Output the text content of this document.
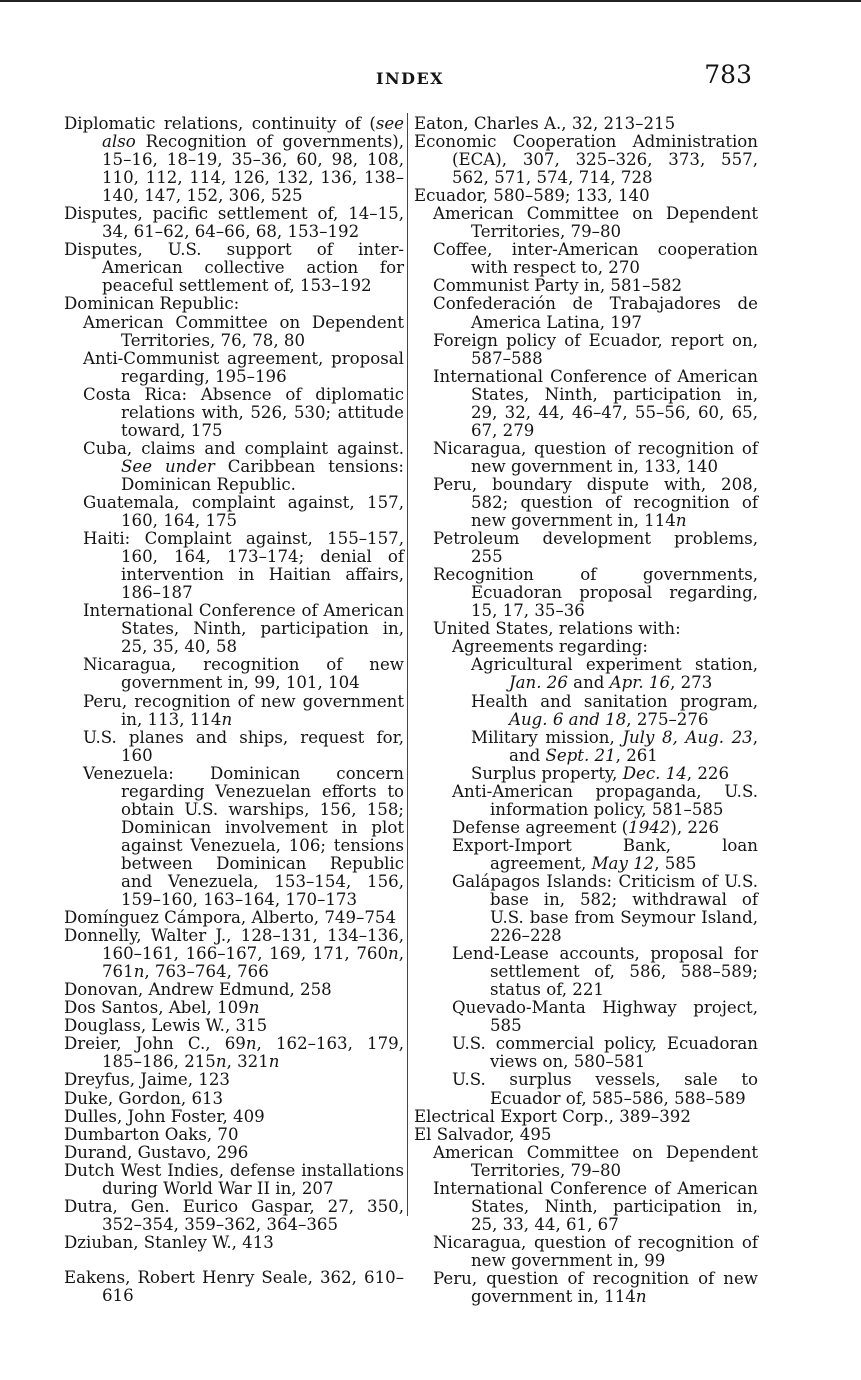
INDEX	783
Diplomatic relations, continuity of (see also Recognition of governments), 15–16, 18–19, 35–36, 60, 98, 108, 110, 112, 114, 126, 132, 136, 138–140, 147, 152, 306, 525
Disputes, pacific settlement of, 14–15, 34, 61–62, 64–66, 68, 153–192
Disputes, U.S. support of inter-American collective action for peaceful settlement of, 153–192
Dominican Republic:
American Committee on Dependent Territories, 76, 78, 80
Anti-Communist agreement, proposal regarding, 195–196
Costa Rica: Absence of diplomatic relations with, 526, 530; attitude toward, 175
Cuba, claims and complaint against. See under Caribbean tensions: Dominican Republic.
Guatemala, complaint against, 157, 160, 164, 175
Haiti: Complaint against, 155–157, 160, 164, 173–174; denial of intervention in Haitian affairs, 186–187
International Conference of American States, Ninth, participation in, 25, 35, 40, 58
Nicaragua, recognition of new government in, 99, 101, 104
Peru, recognition of new government in, 113, 114n
U.S. planes and ships, request for, 160
Venezuela: Dominican concern regarding Venezuelan efforts to obtain U.S. warships, 156, 158; Dominican involvement in plot against Venezuela, 106; tensions between Dominican Republic and Venezuela, 153–154, 156, 159–160, 163–164, 170–173
Domínguez Cámpora, Alberto, 749–754
Donnelly, Walter J., 128–131, 134–136, 160–161, 166–167, 169, 171, 760n, 761n, 763–764, 766
Donovan, Andrew Edmund, 258
Dos Santos, Abel, 109n
Douglass, Lewis W., 315
Dreier, John C., 69n, 162–163, 179, 185–186, 215n, 321n
Dreyfus, Jaime, 123
Duke, Gordon, 613
Dulles, John Foster, 409
Dumbarton Oaks, 70
Durand, Gustavo, 296
Dutch West Indies, defense installations during World War II in, 207
Dutra, Gen. Eurico Gaspar, 27, 350, 352–354, 359–362, 364–365
Dziuban, Stanley W., 413
Eakens, Robert Henry Seale, 362, 610–616
Eaton, Charles A., 32, 213–215
Economic Cooperation Administration (ECA), 307, 325–326, 373, 557, 562, 571, 574, 714, 728
Ecuador, 580–589; 133, 140
American Committee on Dependent Territories, 79–80
Coffee, inter-American cooperation with respect to, 270
Communist Party in, 581–582
Confederación de Trabajadores de America Latina, 197
Foreign policy of Ecuador, report on, 587–588
International Conference of American States, Ninth, participation in, 29, 32, 44, 46–47, 55–56, 60, 65, 67, 279
Nicaragua, question of recognition of new government in, 133, 140
Peru, boundary dispute with, 208, 582; question of recognition of new government in, 114n
Petroleum development problems, 255
Recognition of governments, Ecuadoran proposal regarding, 15, 17, 35–36
United States, relations with:
Agreements regarding:
Agricultural experiment station, Jan. 26 and Apr. 16, 273
Health and sanitation program, Aug. 6 and 18, 275–276
Military mission, July 8, Aug. 23, and Sept. 21, 261
Surplus property, Dec. 14, 226
Anti-American propaganda, U.S. information policy, 581–585
Defense agreement (1942), 226
Export-Import Bank, loan agreement, May 12, 585
Galápagos Islands: Criticism of U.S. base in, 582; withdrawal of U.S. base from Seymour Island, 226–228
Lend-Lease accounts, proposal for settlement of, 586, 588–589; status of, 221
Quevado-Manta Highway project, 585
U.S. commercial policy, Ecuadoran views on, 580–581
U.S. surplus vessels, sale to Ecuador of, 585–586, 588–589
Electrical Export Corp., 389–392
El Salvador, 495
American Committee on Dependent Territories, 79–80
International Conference of American States, Ninth, participation in, 25, 33, 44, 61, 67
Nicaragua, question of recognition of new government in, 99
Peru, question of recognition of new government in, 114n
